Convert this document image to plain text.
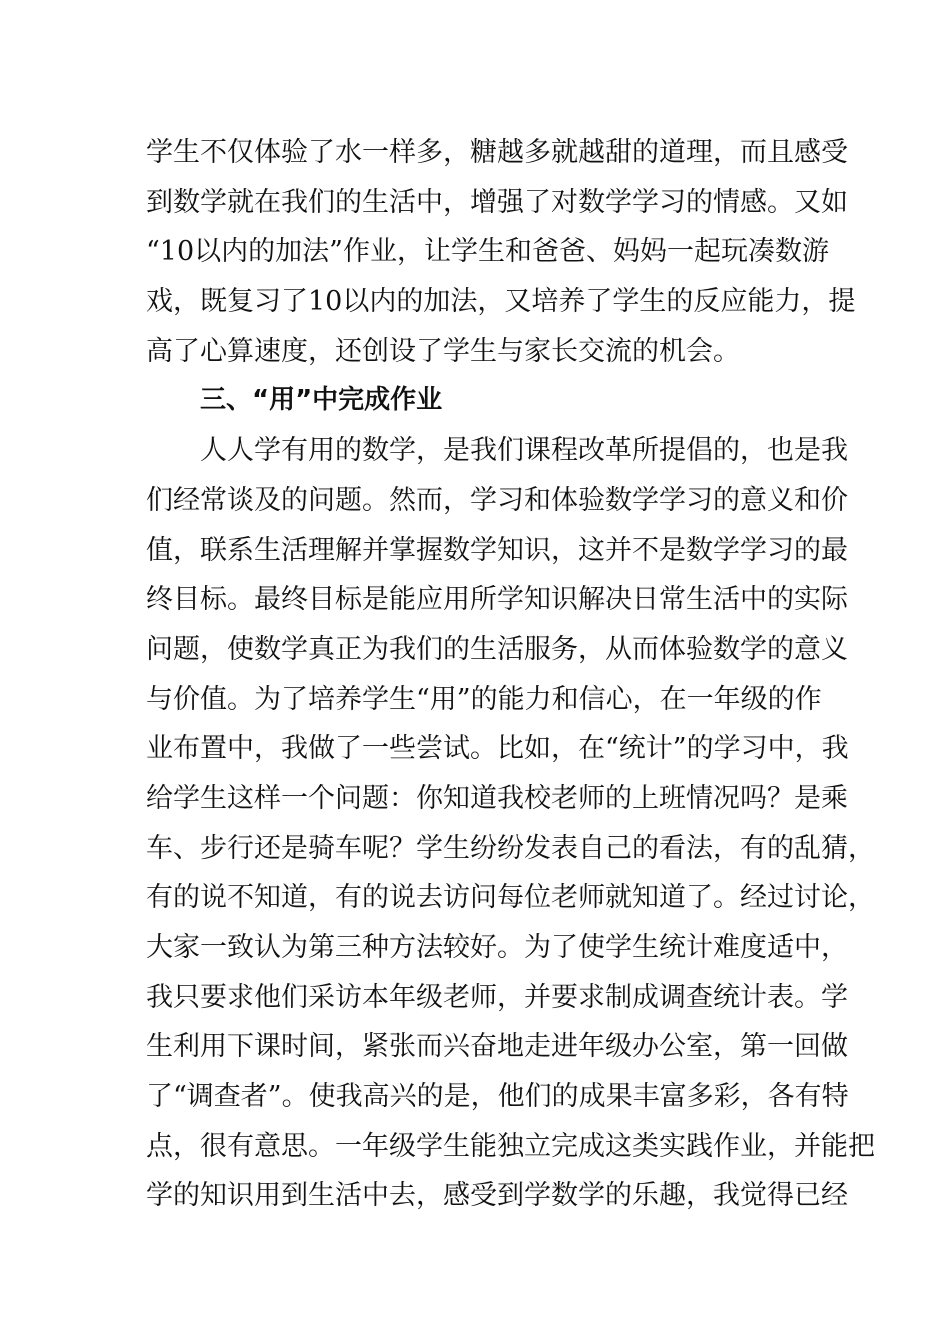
学生不仅体验了水一样多，糖越多就越甜的道理，而且感受
到数学就在我们的生活中，增强了对数学学习的情感。又如
“10以内的加法”作业，让学生和爸爸、妈妈一起玩凑数游
戏，既复习了10以内的加法，又培养了学生的反应能力，提
高了心算速度，还创设了学生与家长交流的机会。
三、“用”中完成作业
人人学有用的数学，是我们课程改革所提倡的，也是我
们经常谈及的问题。然而，学习和体验数学学习的意义和价
值，联系生活理解并掌握数学知识，这并不是数学学习的最
终目标。最终目标是能应用所学知识解决日常生活中的实际
问题，使数学真正为我们的生活服务，从而体验数学的意义
与价值。为了培养学生“用”的能力和信心，在一年级的作
业布置中，我做了一些尝试。比如，在“统计”的学习中，我
给学生这样一个问题：你知道我校老师的上班情况吗？是乘
车、步行还是骑车呢？学生纷纷发表自己的看法，有的乱猜，
有的说不知道，有的说去访问每位老师就知道了。经过讨论，
大家一致认为第三种方法较好。为了使学生统计难度适中，
我只要求他们采访本年级老师，并要求制成调查统计表。学
生利用下课时间，紧张而兴奋地走进年级办公室，第一回做
了“调查者”。使我高兴的是，他们的成果丰富多彩，各有特
点，很有意思。一年级学生能独立完成这类实践作业，并能把
学的知识用到生活中去，感受到学数学的乐趣，我觉得已经
